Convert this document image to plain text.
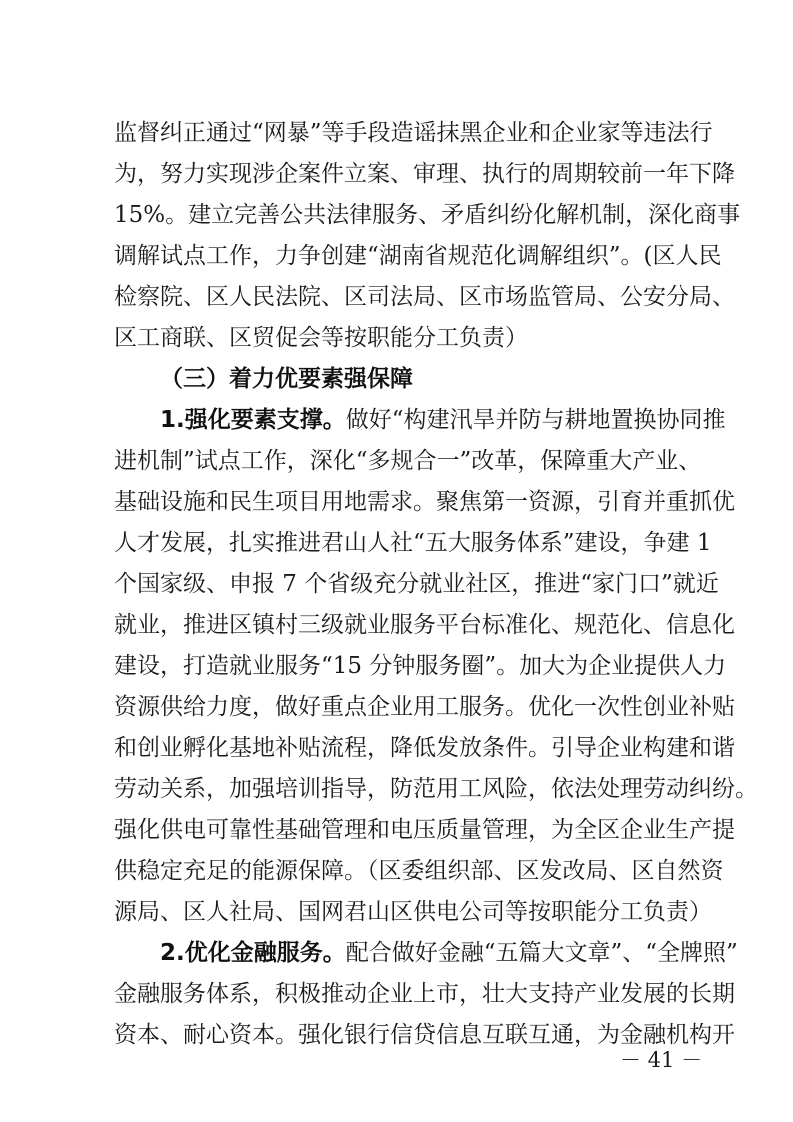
监督纠正通过“网暴”等手段造谣抹黑企业和企业家等违法行
为，努力实现涉企案件立案、审理、执行的周期较前一年下降
15%。建立完善公共法律服务、矛盾纠纷化解机制，深化商事
调解试点工作，力争创建“湖南省规范化调解组织”。(区人民
检察院、区人民法院、区司法局、区市场监管局、公安分局、
区工商联、区贸促会等按职能分工负责）
（三）着力优要素强保障
1.强化要素支撑。做好“构建汛旱并防与耕地置换协同推
进机制”试点工作，深化“多规合一”改革，保障重大产业、
基础设施和民生项目用地需求。聚焦第一资源，引育并重抓优
人才发展，扎实推进君山人社“五大服务体系”建设，争建 1
个国家级、申报 7 个省级充分就业社区，推进“家门口”就近
就业，推进区镇村三级就业服务平台标准化、规范化、信息化
建设，打造就业服务“15 分钟服务圈”。加大为企业提供人力
资源供给力度，做好重点企业用工服务。优化一次性创业补贴
和创业孵化基地补贴流程，降低发放条件。引导企业构建和谐
劳动关系，加强培训指导，防范用工风险，依法处理劳动纠纷。
强化供电可靠性基础管理和电压质量管理，为全区企业生产提
供稳定充足的能源保障。（区委组织部、区发改局、区自然资
源局、区人社局、国网君山区供电公司等按职能分工负责）
2.优化金融服务。配合做好金融“五篇大文章”、“全牌照”
金融服务体系，积极推动企业上市，壮大支持产业发展的长期
资本、耐心资本。强化银行信贷信息互联互通，为金融机构开
－ 41 －
